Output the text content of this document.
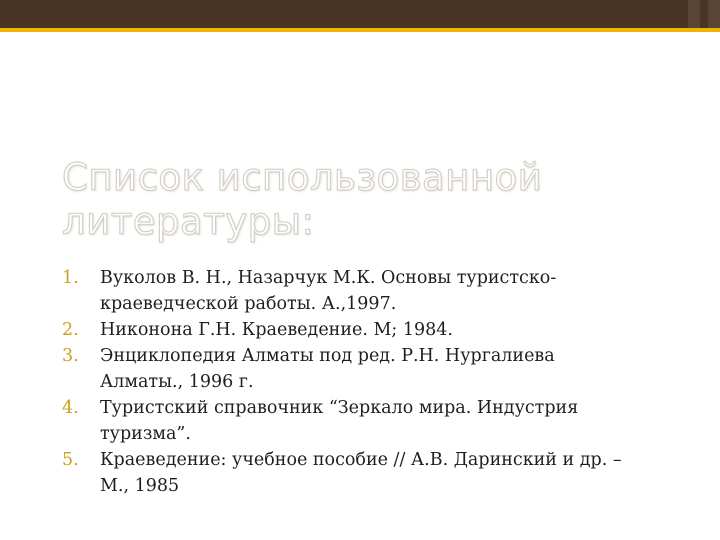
Список использованной
литературы:
1. Вуколов В. Н., Назарчук М.К. Основы туристско-
краеведческой работы. А.,1997.
2. Никонона Г.Н. Краеведение. М; 1984.
3. Энциклопедия Алматы под ред. Р.Н. Нургалиева
Алматы., 1996 г.
4. Туристский справочник “Зеркало мира. Индустрия
туризма”.
5. Краеведение: учебное пособие // А.В. Даринский и др. –
М., 1985
